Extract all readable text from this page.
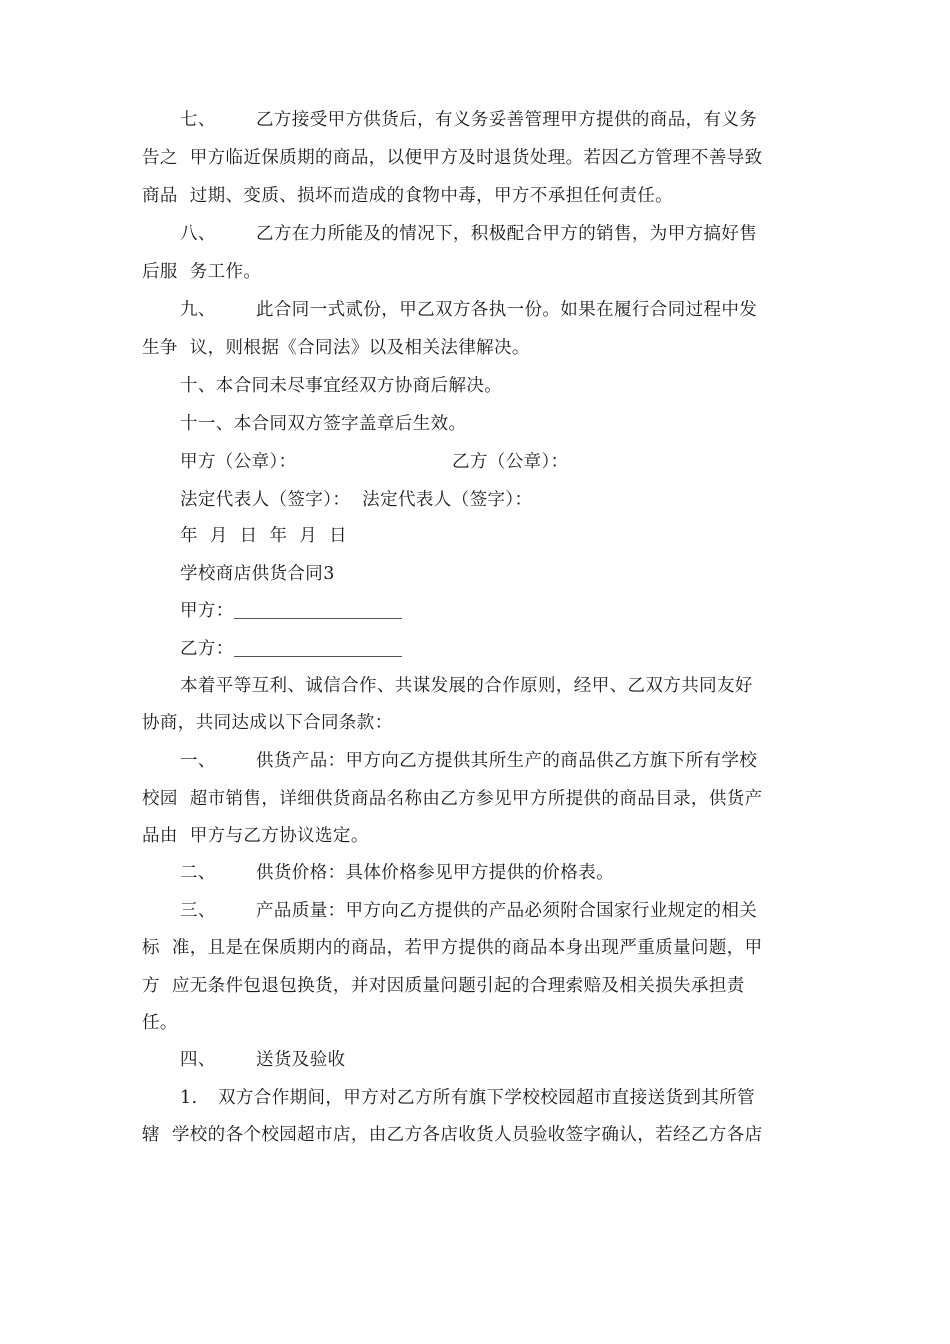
七、 乙方接受甲方供货后，有义务妥善管理甲方提供的商品，有义务
告之  甲方临近保质期的商品，以便甲方及时退货处理。若因乙方管理不善导致
商品  过期、变质、损坏而造成的食物中毒，甲方不承担任何责任。
八、 乙方在力所能及的情况下，积极配合甲方的销售，为甲方搞好售
后服  务工作。
九、 此合同一式贰份，甲乙双方各执一份。如果在履行合同过程中发
生争  议，则根据《合同法》以及相关法律解决。
十、本合同未尽事宜经双方协商后解决。
十一、本合同双方签字盖章后生效。
甲方（公章）：	乙方（公章）：
法定代表人（签字）：  法定代表人（签字）：
年  月  日  年  月  日
学校商店供货合同3
甲方：
乙方：
本着平等互利、诚信合作、共谋发展的合作原则，经甲、乙双方共同友好
协商，共同达成以下合同条款：
一、 供货产品：甲方向乙方提供其所生产的商品供乙方旗下所有学校
校园  超市销售，详细供货商品名称由乙方参见甲方所提供的商品目录，供货产
品由  甲方与乙方协议选定。
二、 供货价格：具体价格参见甲方提供的价格表。
三、 产品质量：甲方向乙方提供的产品必须附合国家行业规定的相关
标  准，且是在保质期内的商品，若甲方提供的商品本身出现严重质量问题，甲
方  应无条件包退包换货，并对因质量问题引起的合理索赔及相关损失承担责
任。
四、 送货及验收
1. 双方合作期间，甲方对乙方所有旗下学校校园超市直接送货到其所管
辖  学校的各个校园超市店，由乙方各店收货人员验收签字确认，若经乙方各店
